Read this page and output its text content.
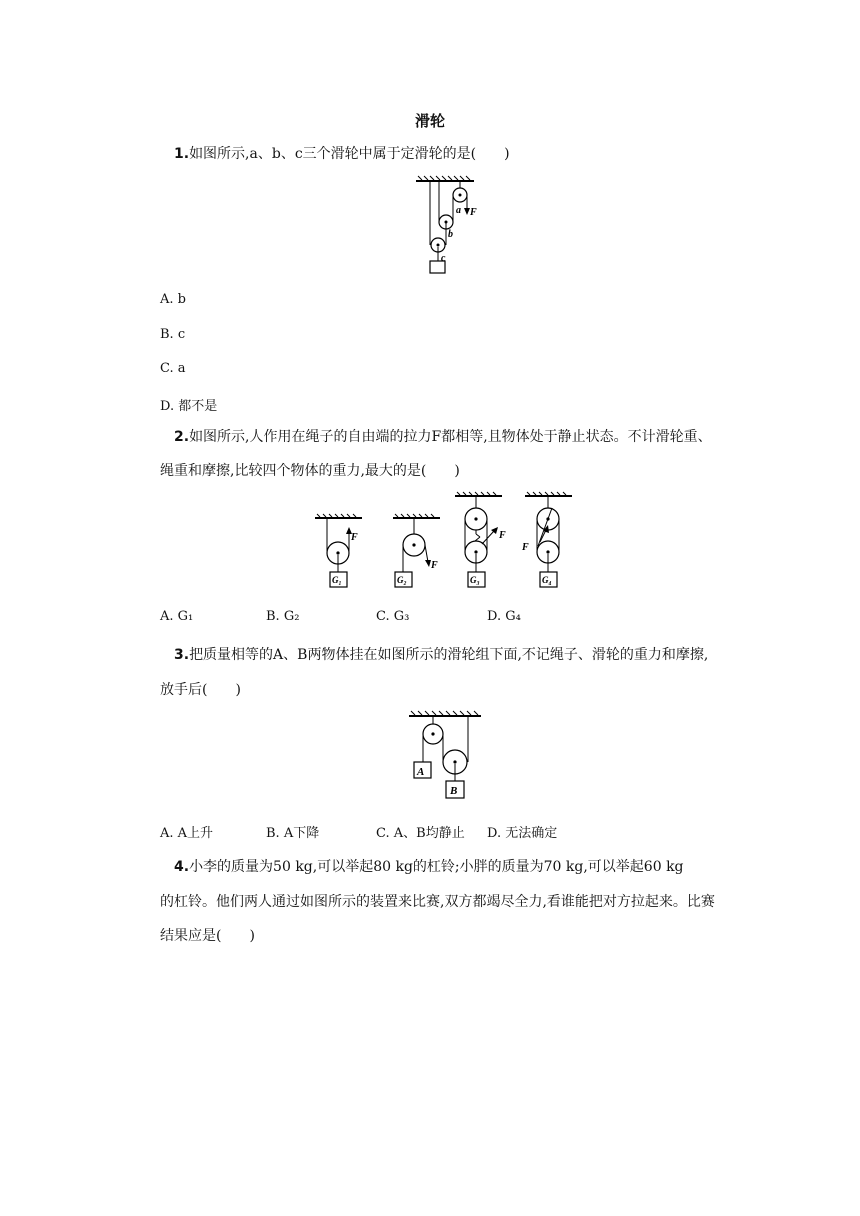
滑轮
1.如图所示,a、b、c三个滑轮中属于定滑轮的是(　　)
a F
b
c
A. b
B. c
C. a
D. 都不是
2.如图所示,人作用在绳子的自由端的拉力F都相等,且物体处于静止状态。不计滑轮重、
绳重和摩擦,比较四个物体的重力,最大的是(　　)
F
G₁
F
G₂
F
G₃
F
G₄
A. G₁	B. G₂	C. G₃	D. G₄
3.把质量相等的A、B两物体挂在如图所示的滑轮组下面,不记绳子、滑轮的重力和摩擦,
放手后(　　)
A
B
A. A上升	B. A下降	C. A、B均静止 D. 无法确定
4.小李的质量为50 kg,可以举起80 kg的杠铃;小胖的质量为70 kg,可以举起60 kg
的杠铃。他们两人通过如图所示的装置来比赛,双方都竭尽全力,看谁能把对方拉起来。比赛
结果应是(　　)
